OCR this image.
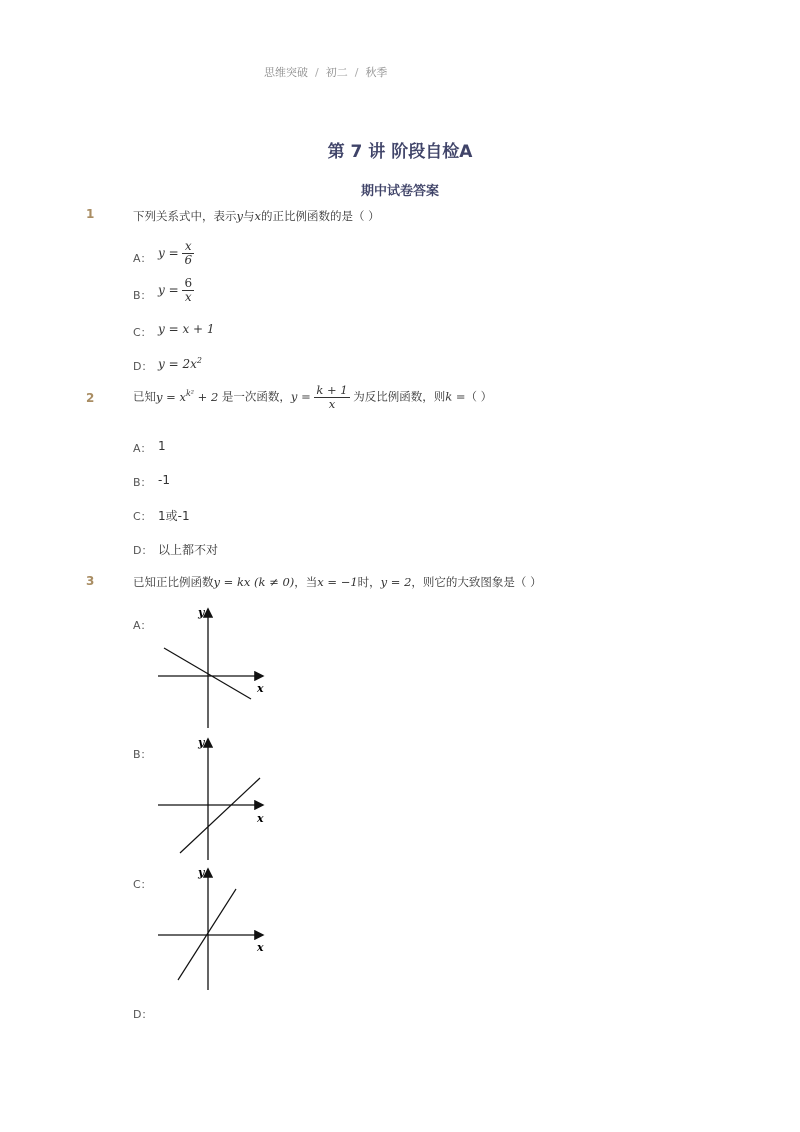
思维突破 / 初二 / 秋季
第 7 讲 阶段自检A
期中试卷答案
1	下列关系式中，表示y与x的正比例函数的是（ ）
A： $y = \frac{x}{6}$
B： $y = \frac{6}{x}$
C： y = x + 1
D： $y = 2x^2$
2	已知$y = x^{k^2} + 2$ 是一次函数，$y = \frac{k + 1}{x}$ 为反比例函数，则k =（ ）
A： 1
B： -1
C： 1或-1
D： 以上都不对
3	已知正比例函数y = kx (k ≠ 0)，当x = −1时，y = 2，则它的大致图象是（ ）
A：
x
y
B：
x
y
C：
x
y
D：
